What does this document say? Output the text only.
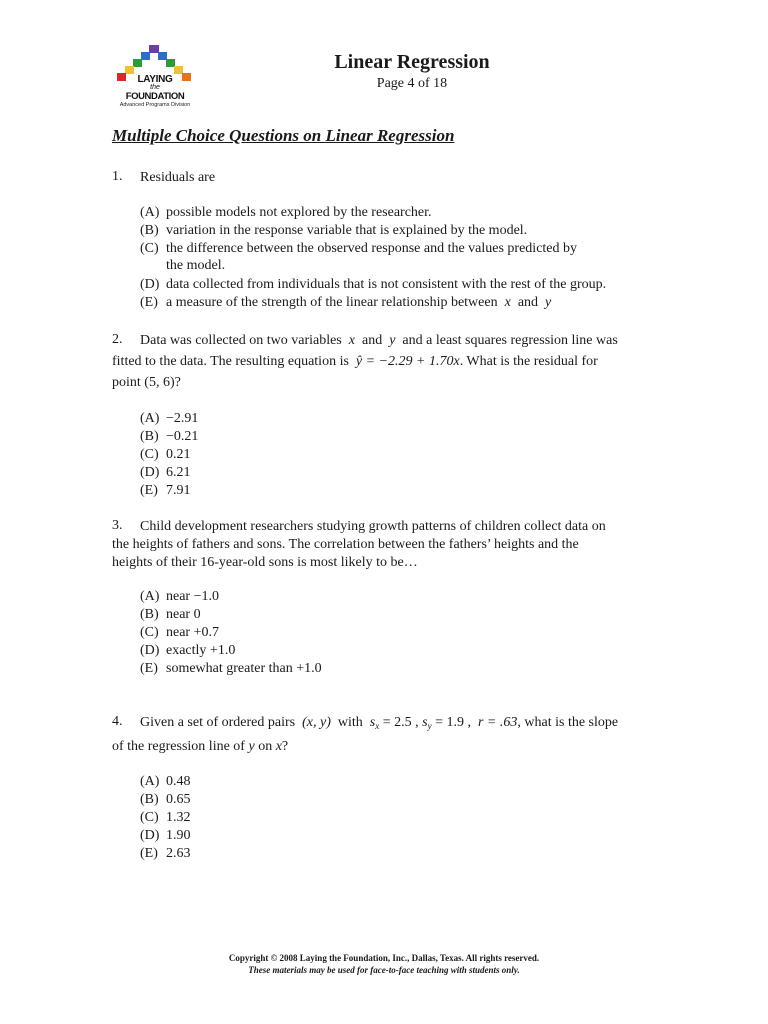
LAYING
the
FOUNDATION
Advanced Programs Division
Linear Regression
Page 4 of 18
Multiple Choice Questions on Linear Regression
1. Residuals are
(A) possible models not explored by the researcher.
(B) variation in the response variable that is explained by the model.
(C) the difference between the observed response and the values predicted by
the model.
(D) data collected from individuals that is not consistent with the rest of the group.
(E) a measure of the strength of the linear relationship between x and y
2. Data was collected on two variables x and y and a least squares regression line was
fitted to the data. The resulting equation is ŷ = −2.29 + 1.70x. What is the residual for
point (5, 6)?
(A) −2.91
(B) −0.21
(C) 0.21
(D) 6.21
(E) 7.91
3. Child development researchers studying growth patterns of children collect data on
the heights of fathers and sons. The correlation between the fathers’ heights and the
heights of their 16-year-old sons is most likely to be…
(A) near −1.0
(B) near 0
(C) near +0.7
(D) exactly +1.0
(E) somewhat greater than +1.0
4. Given a set of ordered pairs (x, y) with $s_x = 2.5$ , $s_y = 1.9$ , r = .63, what is the slope
of the regression line of y on x?
(A) 0.48
(B) 0.65
(C) 1.32
(D) 1.90
(E) 2.63
Copyright © 2008 Laying the Foundation, Inc., Dallas, Texas. All rights reserved.
These materials may be used for face-to-face teaching with students only.
